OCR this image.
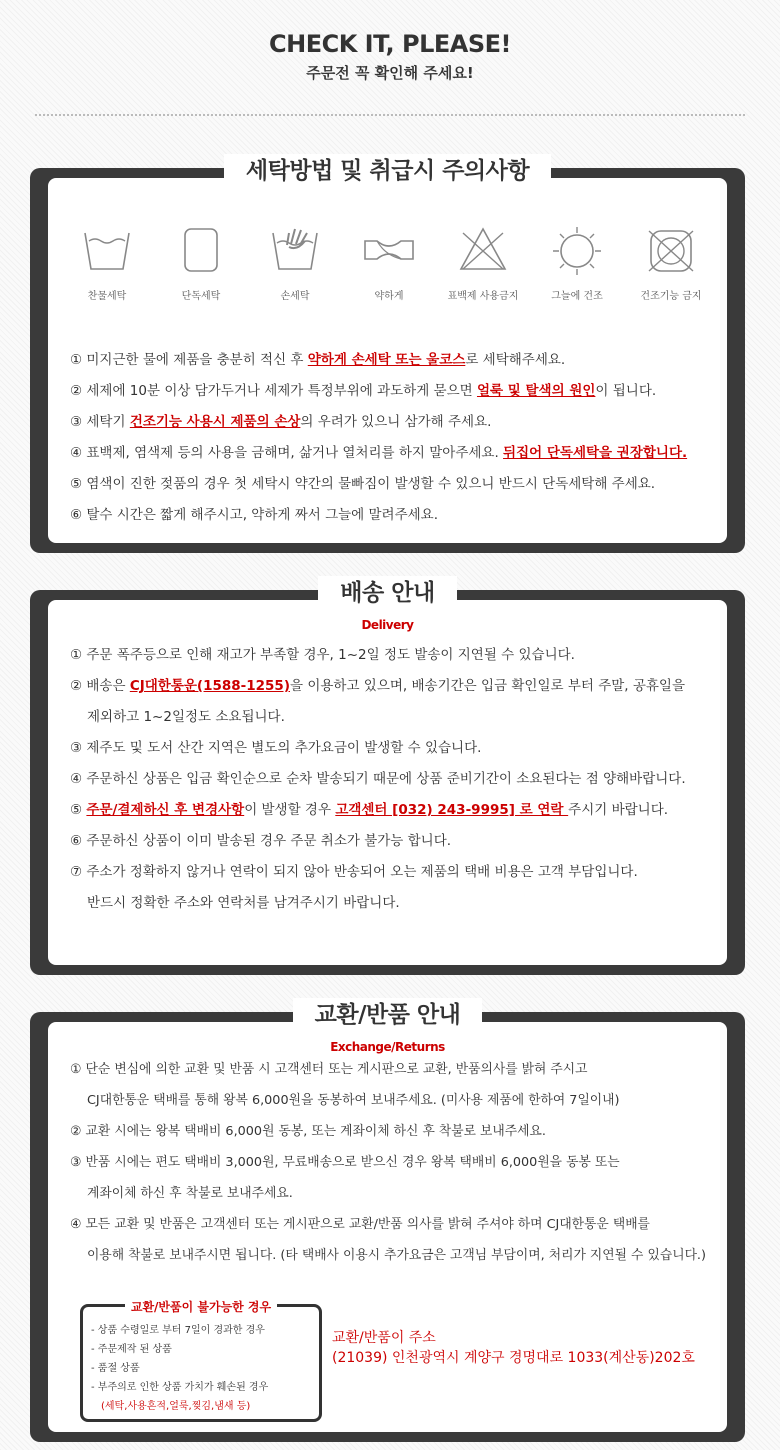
CHECK IT, PLEASE!
주문전 꼭 확인해 주세요!
세탁방법 및 취급시 주의사항
찬물세탁	단독세탁	손세탁	약하게	표백제 사용금지	그늘에 건조	건조기능 금지
① 미지근한 물에 제품을 충분히 적신 후 약하게 손세탁 또는 울코스로 세탁해주세요.
② 세제에 10분 이상 담가두거나 세제가 특정부위에 과도하게 묻으면 얼룩 및 탈색의 원인이 됩니다.
③ 세탁기 건조기능 사용시 제품의 손상의 우려가 있으니 삼가해 주세요.
④ 표백제, 염색제 등의 사용을 금해며, 삶거나 열처리를 하지 말아주세요. 뒤집어 단독세탁을 권장합니다.
⑤ 염색이 진한 젖품의 경우 첫 세탁시 약간의 물빠짐이 발생할 수 있으니 반드시 단독세탁해 주세요.
⑥ 탈수 시간은 짧게 해주시고, 약하게 짜서 그늘에 말려주세요.
배송 안내
Delivery
① 주문 폭주등으로 인해 재고가 부족할 경우, 1~2일 정도 발송이 지연될 수 있습니다.
② 배송은 CJ대한통운(1588-1255)을 이용하고 있으며, 배송기간은 입금 확인일로 부터 주말, 공휴일을
제외하고 1~2일정도 소요됩니다.
③ 제주도 및 도서 산간 지역은 별도의 추가요금이 발생할 수 있습니다.
④ 주문하신 상품은 입금 확인순으로 순차 발송되기 때문에 상품 준비기간이 소요된다는 점 양해바랍니다.
⑤ 주문/결제하신 후 변경사항이 발생할 경우 고객센터 [032) 243-9995] 로 연락 주시기 바랍니다.
⑥ 주문하신 상품이 이미 발송된 경우 주문 취소가 불가능 합니다.
⑦ 주소가 정확하지 않거나 연락이 되지 않아 반송되어 오는 제품의 택배 비용은 고객 부담입니다.
반드시 정확한 주소와 연락처를 남겨주시기 바랍니다.
교환/반품 안내
Exchange/Returns
① 단순 변심에 의한 교환 및 반품 시 고객센터 또는 게시판으로 교환, 반품의사를 밝혀 주시고
CJ대한통운 택배를 통해 왕복 6,000원을 동봉하여 보내주세요. (미사용 제품에 한하여 7일이내)
② 교환 시에는 왕복 택배비 6,000원 동봉, 또는 계좌이체 하신 후 착불로 보내주세요.
③ 반품 시에는 편도 택배비 3,000원, 무료배송으로 받으신 경우 왕복 택배비 6,000원을 동봉 또는
계좌이체 하신 후 착불로 보내주세요.
④ 모든 교환 및 반품은 고객센터 또는 게시판으로 교환/반품 의사를 밝혀 주셔야 하며 CJ대한통운 택배를
이용해 착불로 보내주시면 됩니다. (타 택배사 이용시 추가요금은 고객님 부담이며, 처리가 지연될 수 있습니다.)
교환/반품이 불가능한 경우
- 상품 수령일로 부터 7일이 경과한 경우
- 주문제작 된 상품
- 품절 상품
- 부주의로 인한 상품 가치가 훼손된 경우
(세탁,사용흔적,얼룩,찢김,냄새 등)
교환/반품이 주소
(21039) 인천광역시 계양구 경명대로 1033(계산동)202호
